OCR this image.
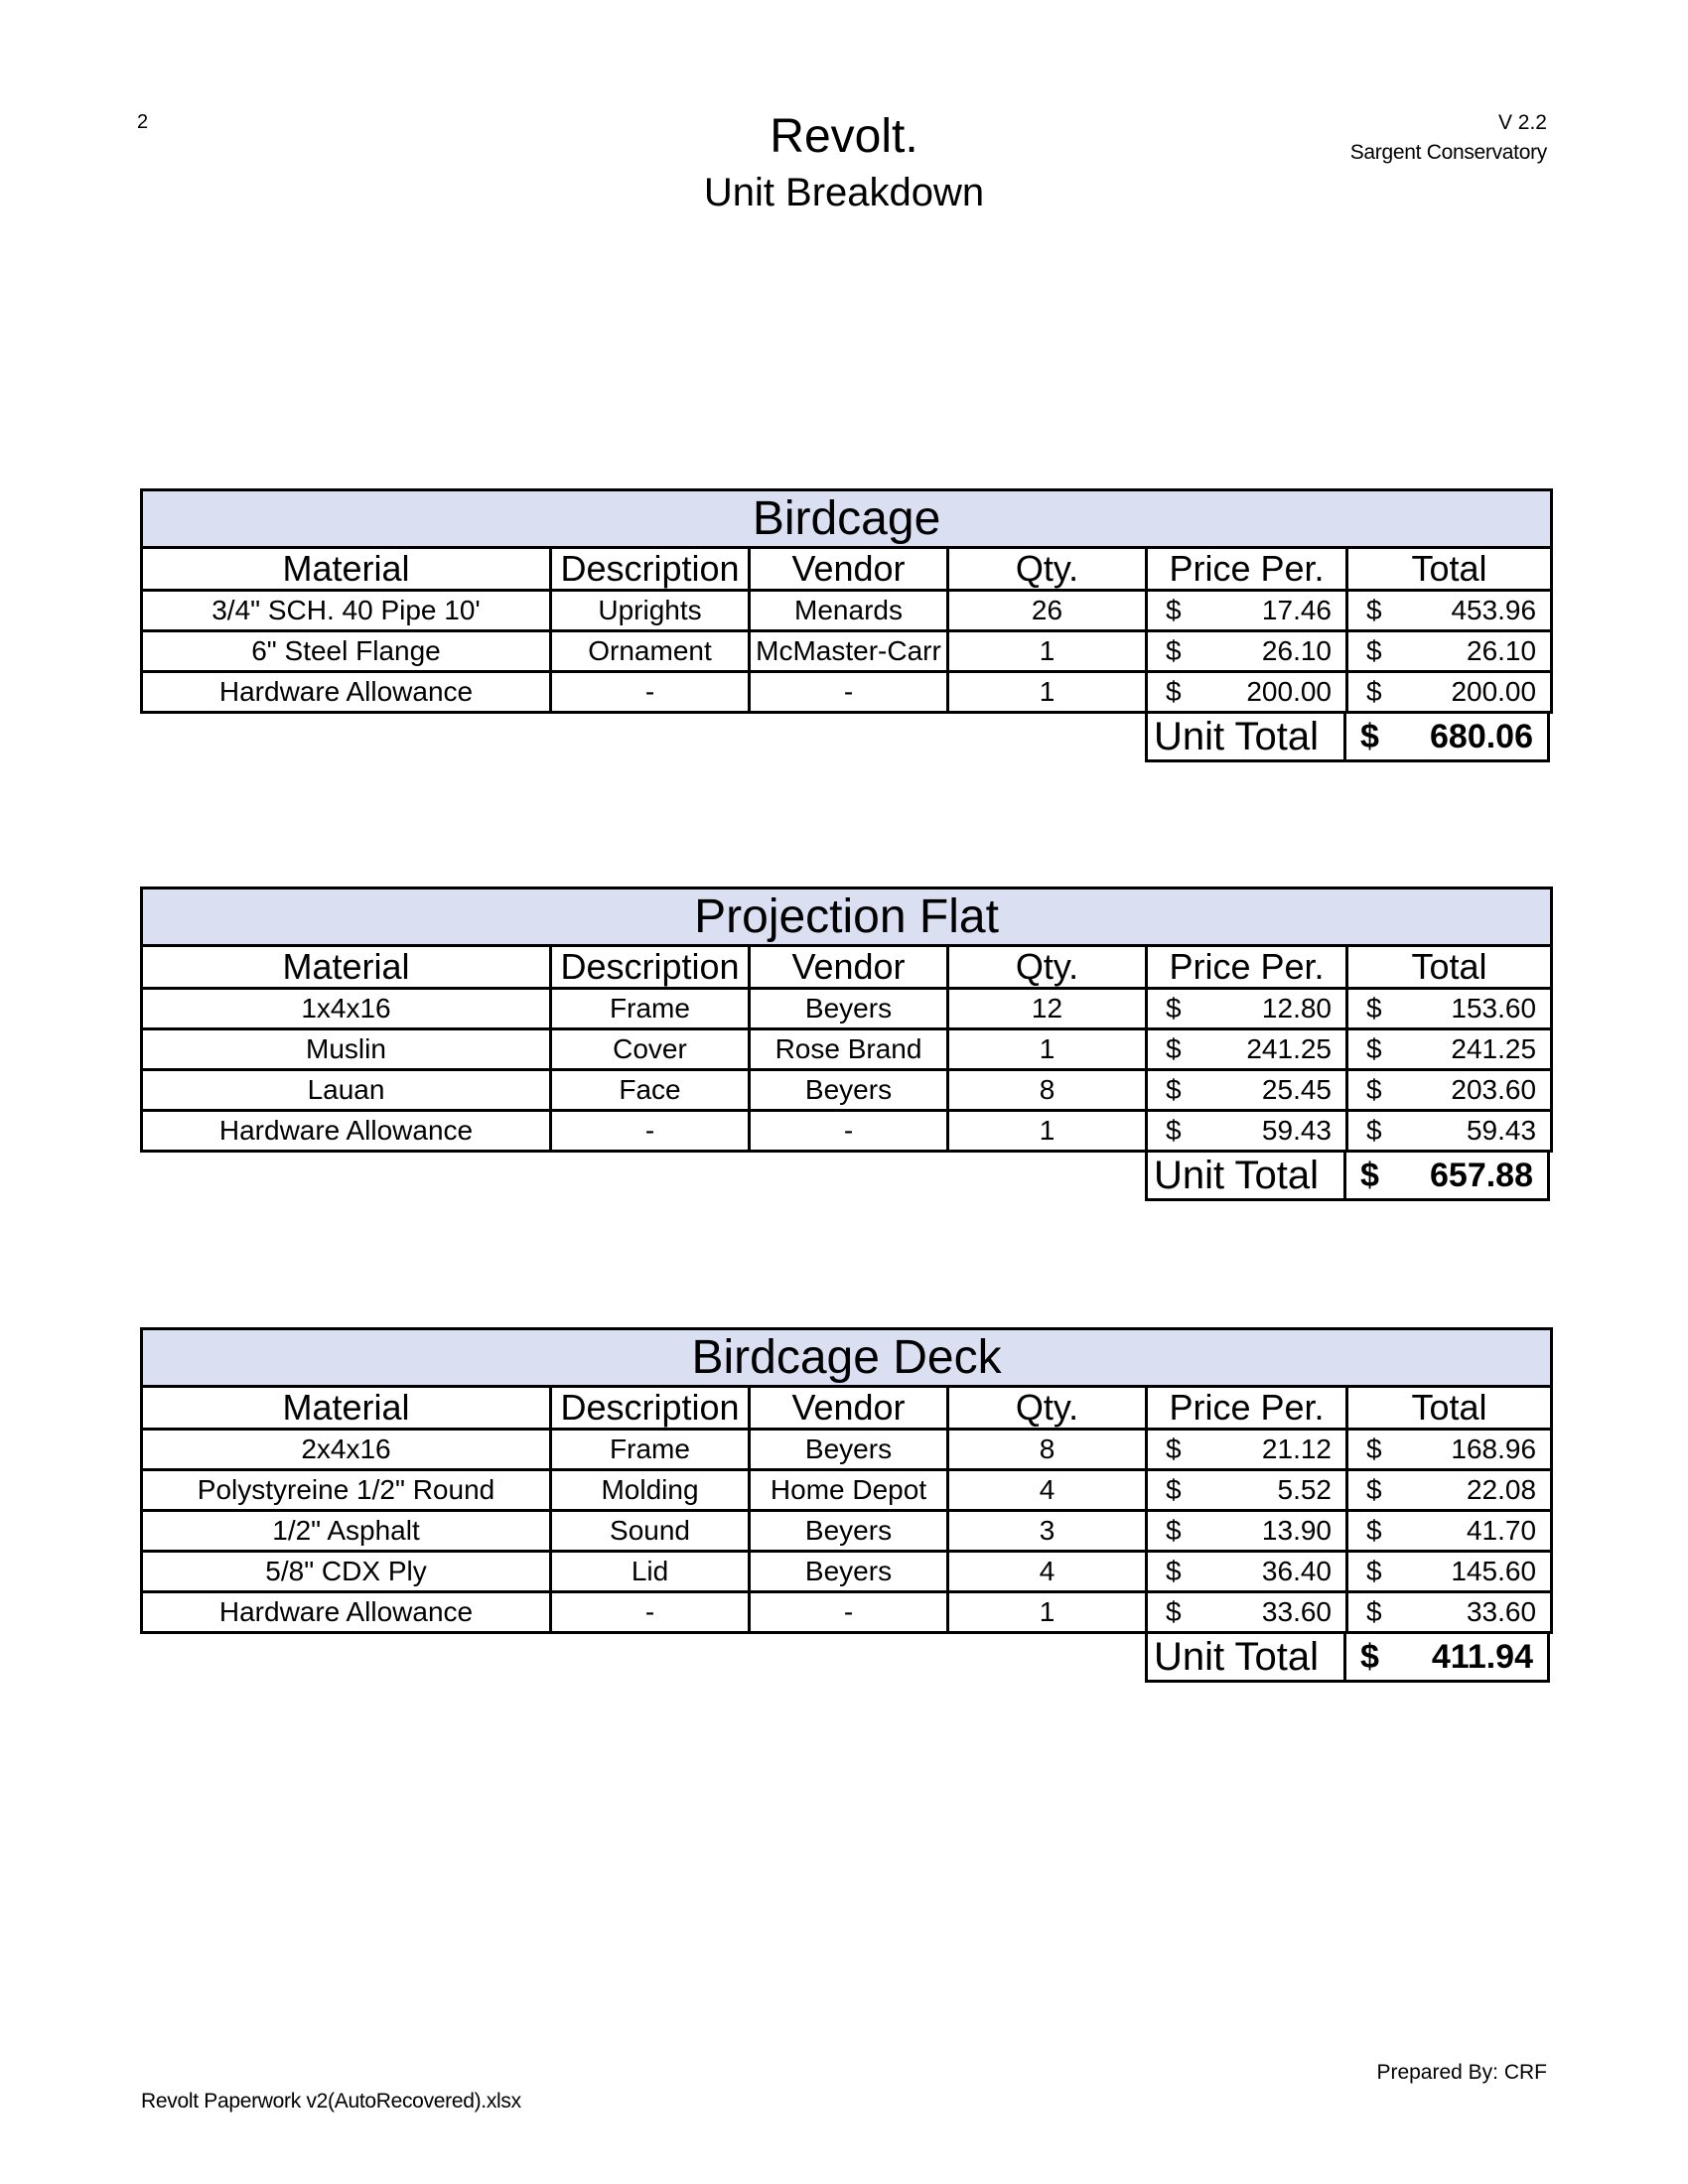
2	Revolt.
Unit Breakdown
V 2.2
Sargent Conservatory
Birdcage					
Material	Description	Vendor	Qty.	Price Per.	Total
3/4" SCH. 40 Pipe 10'	Uprights	Menards	26	$ 17.46	$ 453.96

6" Steel Flange	Ornament	McMaster-Carr	1	$ 26.10	$ 26.10

Hardware Allowance	-	-	1	$ 200.00	$ 200.00
Unit Total	$ 680.06
Projection Flat					
Material	Description	Vendor	Qty.	Price Per.	Total
1x4x16	Frame	Beyers	12	$ 12.80	$ 153.60

Muslin	Cover	Rose Brand	1	$ 241.25	$ 241.25

Lauan	Face	Beyers	8	$ 25.45	$ 203.60

Hardware Allowance	-	-	1	$ 59.43	$ 59.43
Unit Total	$ 657.88
Birdcage Deck					
Material	Description	Vendor	Qty.	Price Per.	Total
2x4x16	Frame	Beyers	8	$ 21.12	$ 168.96

Polystyreine 1/2" Round	Molding	Home Depot	4	$ 5.52	$ 22.08

1/2" Asphalt	Sound	Beyers	3	$ 13.90	$ 41.70

5/8" CDX Ply	Lid	Beyers	4	$ 36.40	$ 145.60

Hardware Allowance	-	-	1	$ 33.60	$ 33.60
Unit Total	$ 411.94
Prepared By: CRF
Revolt Paperwork v2(AutoRecovered).xlsx
